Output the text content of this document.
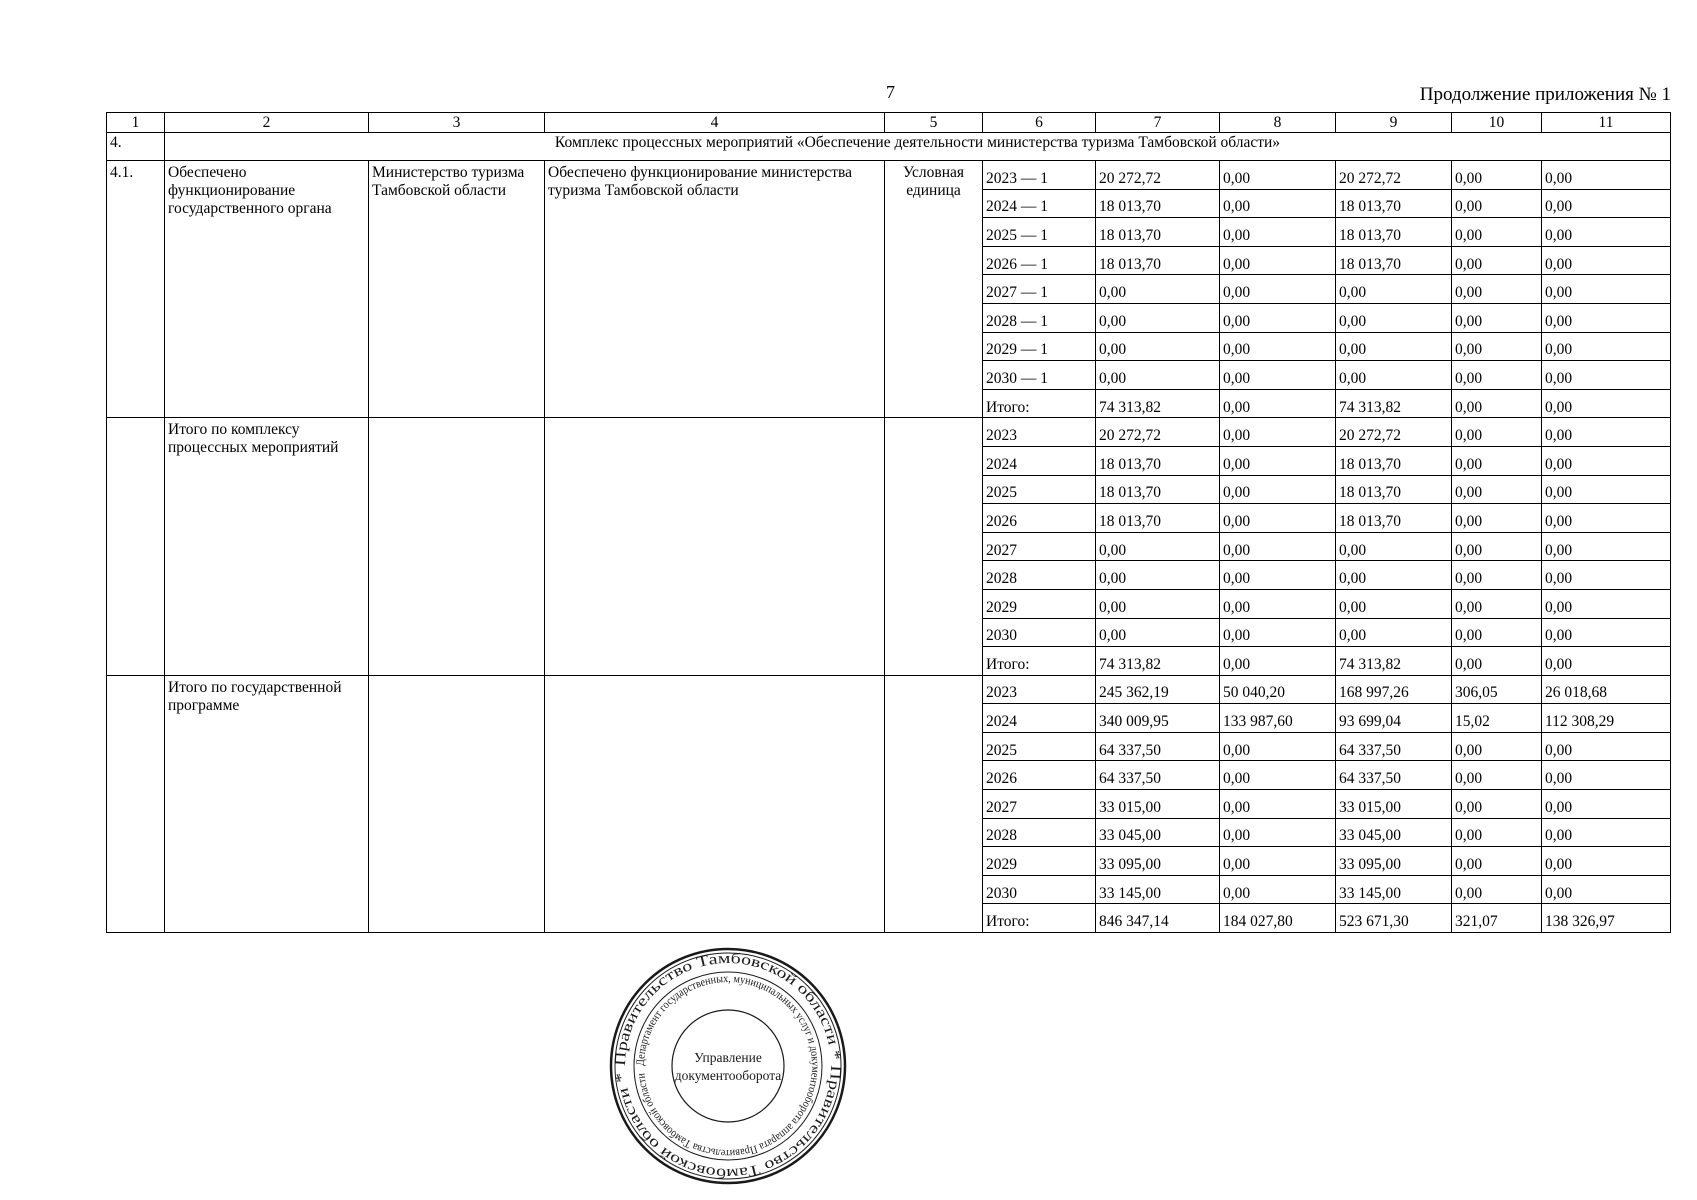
7	Продолжение приложения № 1
1	2	3	4	5	6	7	8	9	10	11
4.	Комплекс процессных мероприятий «Обеспечение деятельности министерства туризма Тамбовской области»									
4.1.	Обеспечено функционирование государственного органа	Министерство туризма Тамбовской области	Обеспечено функционирование министерства туризма Тамбовской области	Условная единица	2023 — 1	20 272,72	0,00	20 272,72	0,00	0,00
					2024 — 1	18 013,70	0,00	18 013,70	0,00	0,00
					2025 — 1	18 013,70	0,00	18 013,70	0,00	0,00
					2026 — 1	18 013,70	0,00	18 013,70	0,00	0,00
					2027 — 1	0,00	0,00	0,00	0,00	0,00
					2028 — 1	0,00	0,00	0,00	0,00	0,00
					2029 — 1	0,00	0,00	0,00	0,00	0,00
					2030 — 1	0,00	0,00	0,00	0,00	0,00
					Итого:	74 313,82	0,00	74 313,82	0,00	0,00
	Итого по комплексу процессных мероприятий				2023	20 272,72	0,00	20 272,72	0,00	0,00
					2024	18 013,70	0,00	18 013,70	0,00	0,00
					2025	18 013,70	0,00	18 013,70	0,00	0,00
					2026	18 013,70	0,00	18 013,70	0,00	0,00
					2027	0,00	0,00	0,00	0,00	0,00
					2028	0,00	0,00	0,00	0,00	0,00
					2029	0,00	0,00	0,00	0,00	0,00
					2030	0,00	0,00	0,00	0,00	0,00
					Итого:	74 313,82	0,00	74 313,82	0,00	0,00
	Итого по государственной программе				2023	245 362,19	50 040,20	168 997,26	306,05	26 018,68
					2024	340 009,95	133 987,60	93 699,04	15,02	112 308,29
					2025	64 337,50	0,00	64 337,50	0,00	0,00
					2026	64 337,50	0,00	64 337,50	0,00	0,00
					2027	33 015,00	0,00	33 015,00	0,00	0,00
					2028	33 045,00	0,00	33 045,00	0,00	0,00
					2029	33 095,00	0,00	33 095,00	0,00	0,00
					2030	33 145,00	0,00	33 145,00	0,00	0,00
					Итого:	846 347,14	184 027,80	523 671,30	321,07	138 326,97
Правительство Тамбовской области * Правительство Тамбовской области *
Департамент государственных, муниципальных услуг и документооборота аппарата Правительства Тамбовской области
Управление
документооборота
